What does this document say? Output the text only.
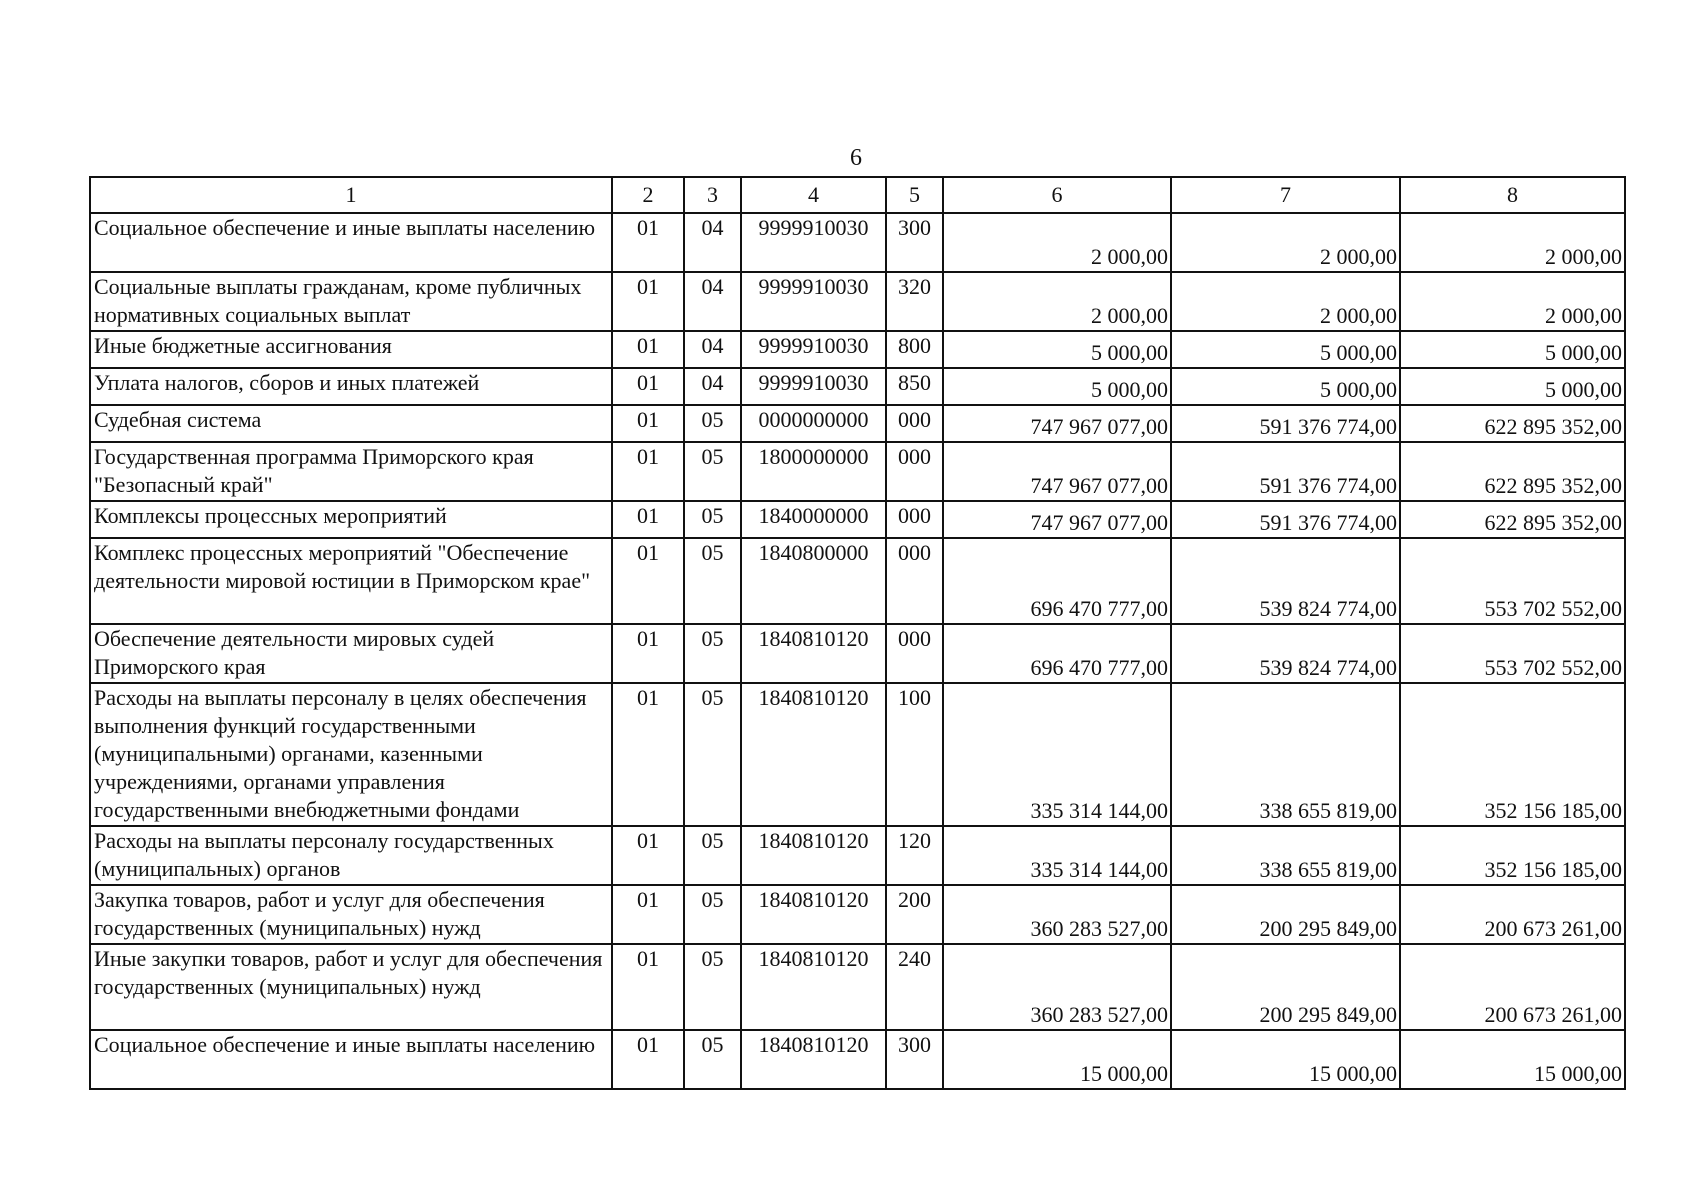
6
1	2	3	4	5	6	7	8
Социальное обеспечение и иные выплаты населению	01	04	9999910030	300	2 000,00	2 000,00	2 000,00
Социальные выплаты гражданам, кроме публичных нормативных социальных выплат	01	04	9999910030	320	2 000,00	2 000,00	2 000,00
Иные бюджетные ассигнования	01	04	9999910030	800	5 000,00	5 000,00	5 000,00
Уплата налогов, сборов и иных платежей	01	04	9999910030	850	5 000,00	5 000,00	5 000,00
Судебная система	01	05	0000000000	000	747 967 077,00	591 376 774,00	622 895 352,00
Государственная программа Приморского края "Безопасный край"	01	05	1800000000	000	747 967 077,00	591 376 774,00	622 895 352,00
Комплексы процессных мероприятий	01	05	1840000000	000	747 967 077,00	591 376 774,00	622 895 352,00
Комплекс процессных мероприятий "Обеспечение деятельности мировой юстиции в Приморском крае"	01	05	1840800000	000	696 470 777,00	539 824 774,00	553 702 552,00
Обеспечение деятельности мировых судей Приморского края	01	05	1840810120	000	696 470 777,00	539 824 774,00	553 702 552,00
Расходы на выплаты персоналу в целях обеспечения выполнения функций государственными (муниципальными) органами, казенными учреждениями, органами управления государственными внебюджетными фондами	01	05	1840810120	100	335 314 144,00	338 655 819,00	352 156 185,00
Расходы на выплаты персоналу государственных (муниципальных) органов	01	05	1840810120	120	335 314 144,00	338 655 819,00	352 156 185,00
Закупка товаров, работ и услуг для обеспечения государственных (муниципальных) нужд	01	05	1840810120	200	360 283 527,00	200 295 849,00	200 673 261,00
Иные закупки товаров, работ и услуг для обеспечения государственных (муниципальных) нужд	01	05	1840810120	240	360 283 527,00	200 295 849,00	200 673 261,00
Социальное обеспечение и иные выплаты населению	01	05	1840810120	300	15 000,00	15 000,00	15 000,00
